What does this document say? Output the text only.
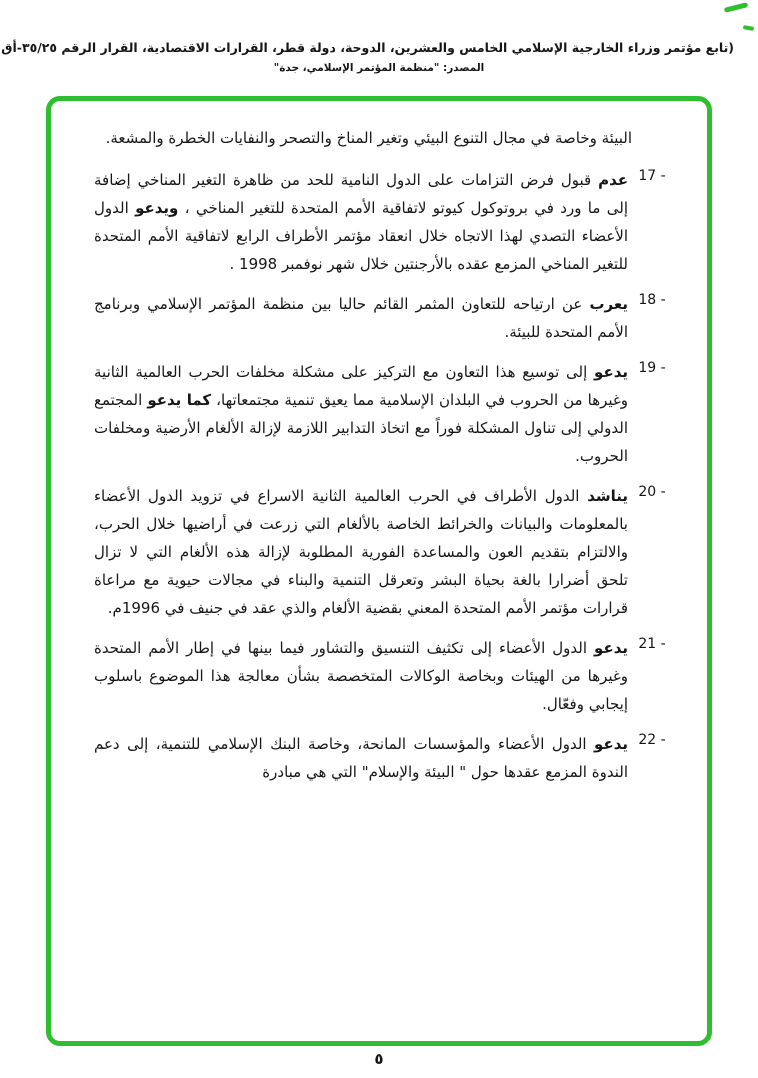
(تابع مؤتمر وزراء الخارجية الإسلامي الخامس والعشرين، الدوحة، دولة قطر، القرارات الاقتصادية، القرار الرقم ٣٥/٢٥-أق
المصدر: "منظمة المؤتمر الإسلامي، جدة"

البيئة وخاصة في مجال التنوع البيئي وتغير المناخ والتصحر والنفايات الخطرة والمشعة.

17 -
عدم قبول فرض التزامات على الدول النامية للحد من ظاهرة التغير المناخي إضافة إلى ما ورد في بروتوكول كيوتو لاتفاقية الأمم المتحدة للتغير المناخي ، ويدعو الدول الأعضاء التصدي لهذا الاتجاه خلال انعقاد مؤتمر الأطراف الرابع لاتفاقية الأمم المتحدة للتغير المناخي المزمع عقده بالأرجنتين خلال شهر نوفمبر 1998 .
18 -
يعرب عن ارتياحه للتعاون المثمر القائم حاليا بين منظمة المؤتمر الإسلامي وبرنامج الأمم المتحدة للبيئة.
19 -
يدعو إلى توسيع هذا التعاون مع التركيز على مشكلة مخلفات الحرب العالمية الثانية وغيرها من الحروب في البلدان الإسلامية مما يعيق تنمية مجتمعاتها، كما يدعو المجتمع الدولي إلى تناول المشكلة فوراً مع اتخاذ التدابير اللازمة لإزالة الألغام الأرضية ومخلفات الحروب.
20 -
يناشد الدول الأطراف في الحرب العالمية الثانية الاسراع في تزويد الدول الأعضاء بالمعلومات والبيانات والخرائط الخاصة بالألغام التي زرعت في أراضيها خلال الحرب، والالتزام بتقديم العون والمساعدة الفورية المطلوبة لإزالة هذه الألغام التي لا تزال تلحق أضرارا بالغة بحياة البشر وتعرقل التنمية والبناء في مجالات حيوية مع مراعاة قرارات مؤتمر الأمم المتحدة المعني بقضية الألغام والذي عقد في جنيف في 1996م.
21 -
يدعو الدول الأعضاء إلى تكثيف التنسيق والتشاور فيما بينها في إطار الأمم المتحدة وغيرها من الهيئات وبخاصة الوكالات المتخصصة بشأن معالجة هذا الموضوع باسلوب إيجابي وفعّال.
22 -
يدعو الدول الأعضاء والمؤسسات المانحة، وخاصة البنك الإسلامي للتنمية، إلى دعم الندوة المزمع عقدها حول " البيئة والإسلام" التي هي مبادرة
٥
